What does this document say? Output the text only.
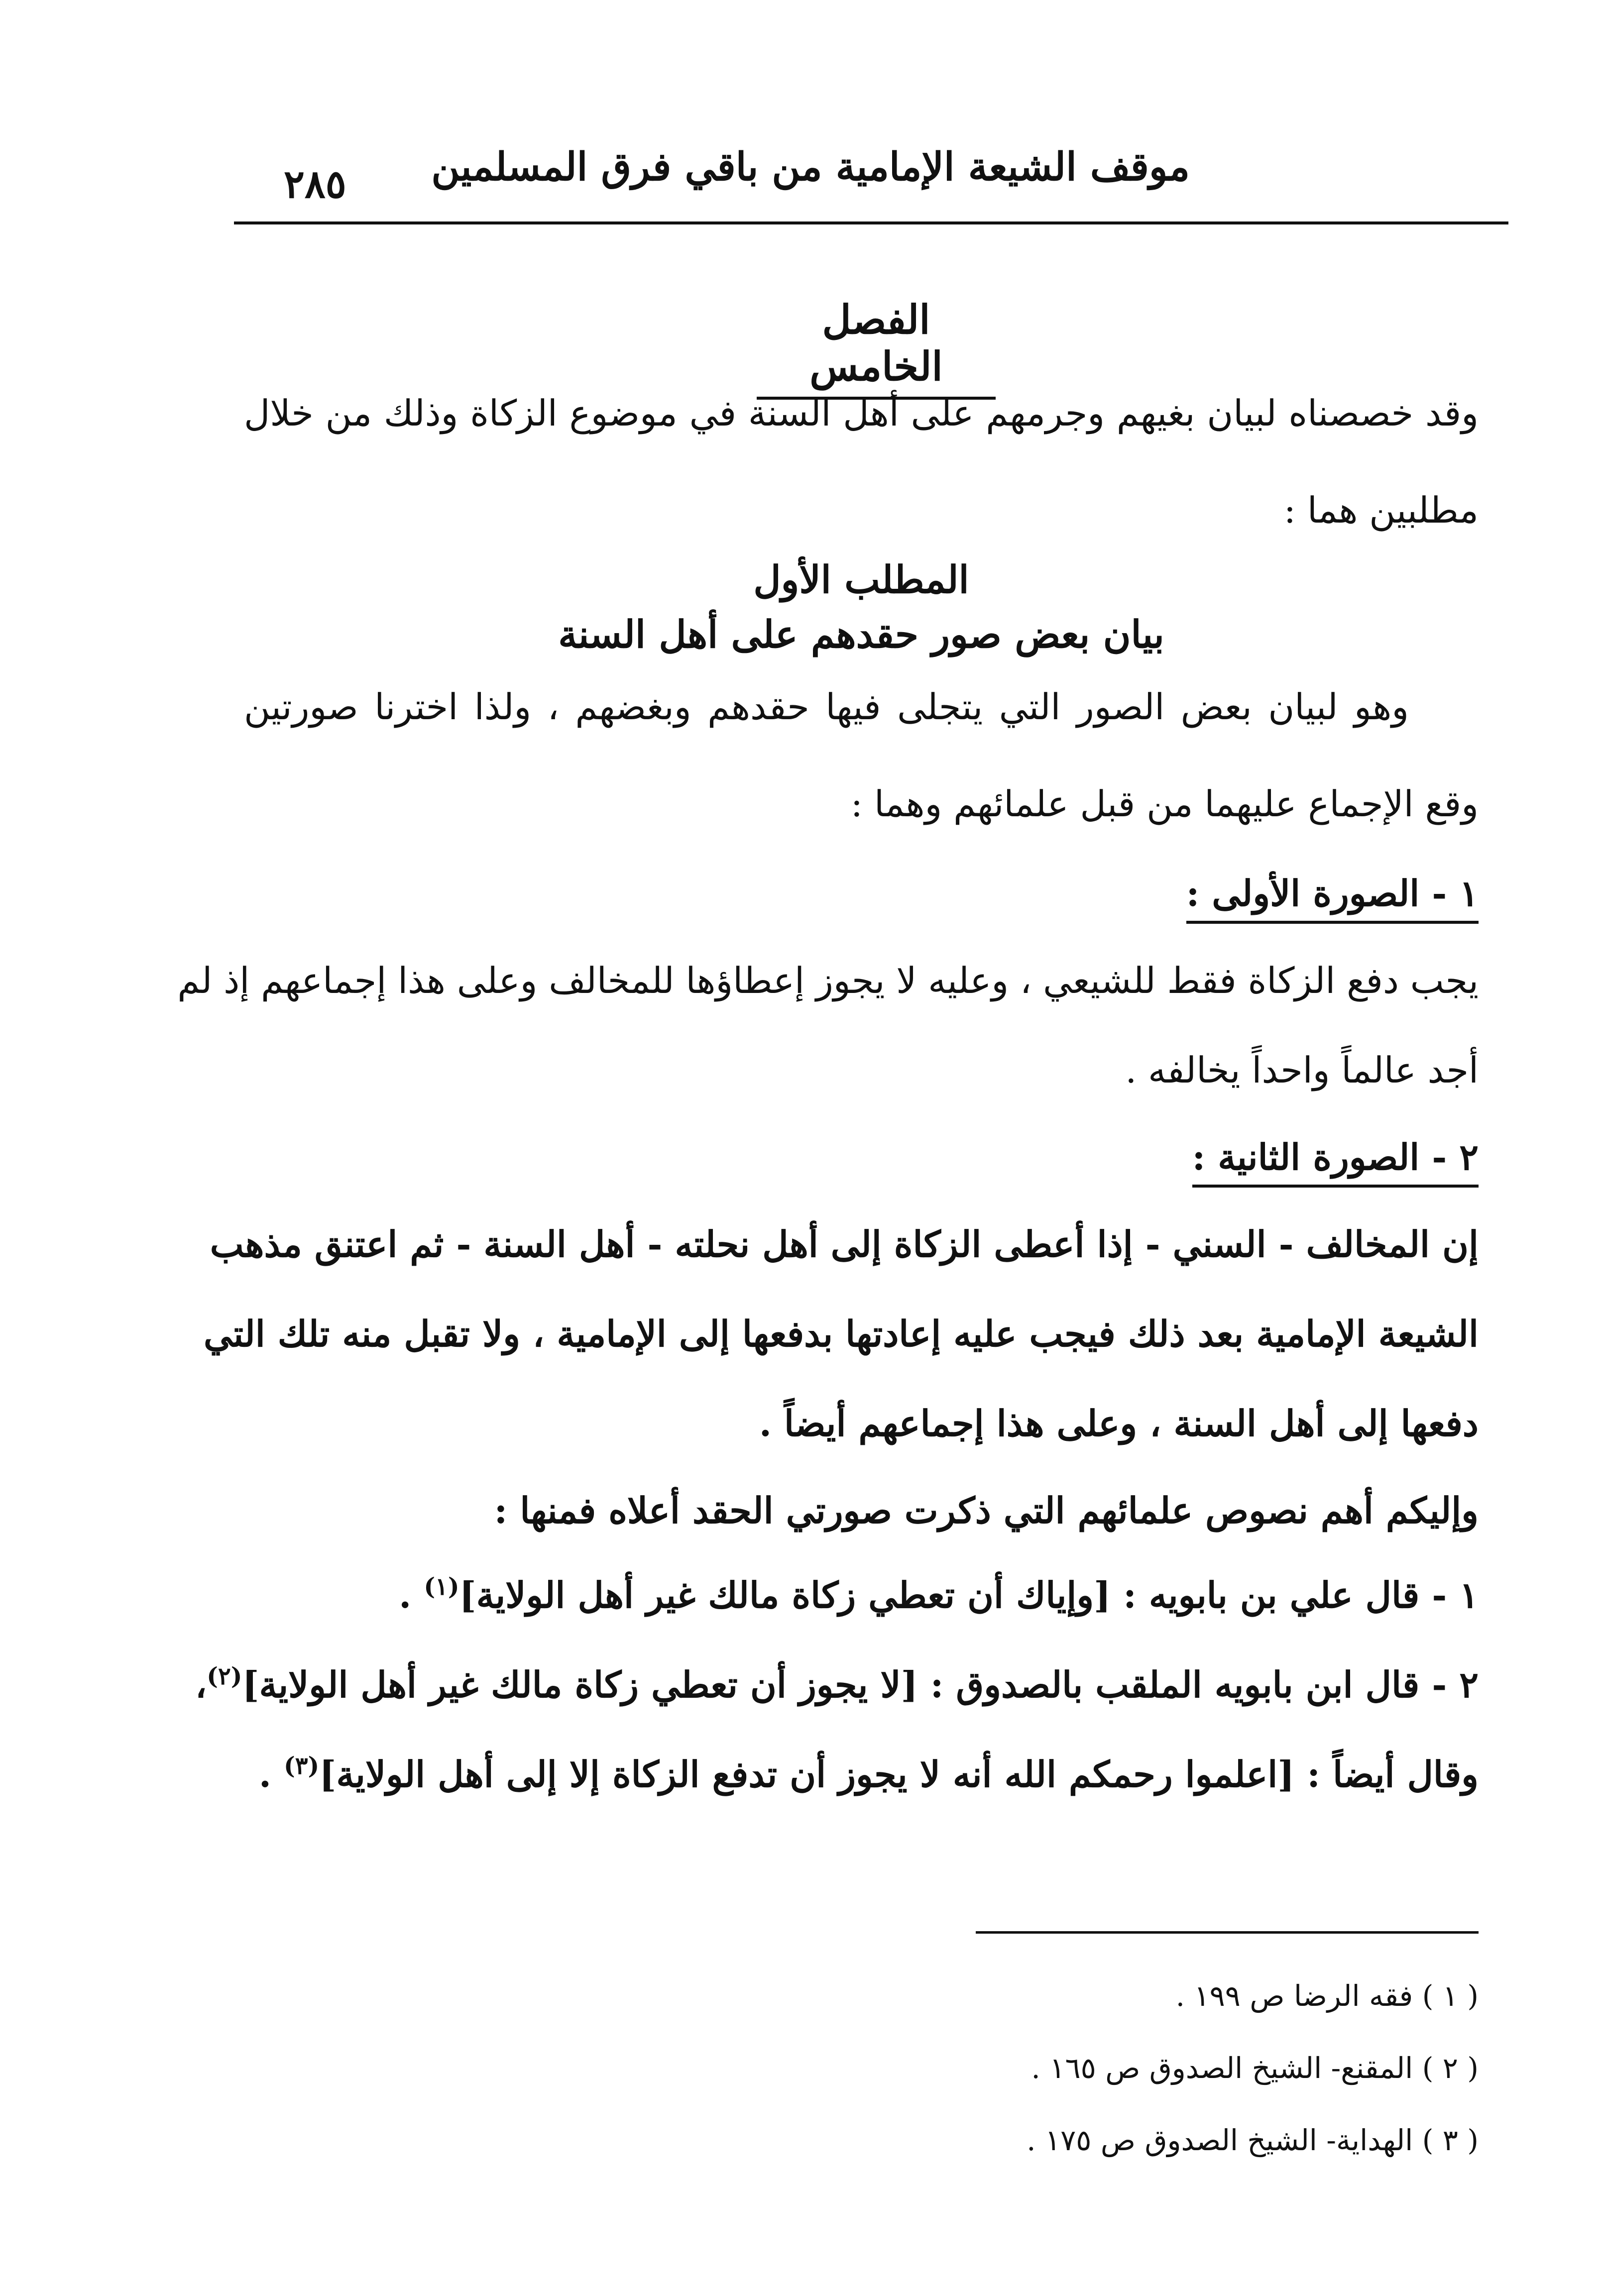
٢٨٥ موقف الشيعة الإمامية من باقي فرق المسلمين
الفصل الخامس
وقد خصصناه لبيان بغيهم وجرمهم على أهل السنة في موضوع الزكاة وذلك من خلال
مطلبين هما :
المطلب الأول
بيان بعض صور حقدهم على أهل السنة
وهو لبيان بعض الصور التي يتجلى فيها حقدهم وبغضهم ، ولذا اخترنا صورتين
وقع الإجماع عليهما من قبل علمائهم وهما :
١ - الصورة الأولى :
يجب دفع الزكاة فقط للشيعي ، وعليه لا يجوز إعطاؤها للمخالف وعلى هذا إجماعهم إذ لم
أجد عالماً واحداً يخالفه .
٢ - الصورة الثانية :
إن المخالف - السني - إذا أعطى الزكاة إلى أهل نحلته - أهل السنة - ثم اعتنق مذهب
الشيعة الإمامية بعد ذلك فيجب عليه إعادتها بدفعها إلى الإمامية ، ولا تقبل منه تلك التي
دفعها إلى أهل السنة ، وعلى هذا إجماعهم أيضاً .
وإليكم أهم نصوص علمائهم التي ذكرت صورتي الحقد أعلاه فمنها :
١ - قال علي بن بابويه : [وإياك أن تعطي زكاة مالك غير أهل الولاية]$^{(١)}$ .
٢ - قال ابن بابويه الملقب بالصدوق : [لا يجوز أن تعطي زكاة مالك غير أهل الولاية]$^{(٢)}$،
وقال أيضاً : [اعلموا رحمكم الله أنه لا يجوز أن تدفع الزكاة إلا إلى أهل الولاية]$^{(٣)}$ .
( ١ ) فقه الرضا ص ١٩٩ .
( ٢ ) المقنع- الشيخ الصدوق ص ١٦٥ .
( ٣ ) الهداية- الشيخ الصدوق ص ١٧٥ .
